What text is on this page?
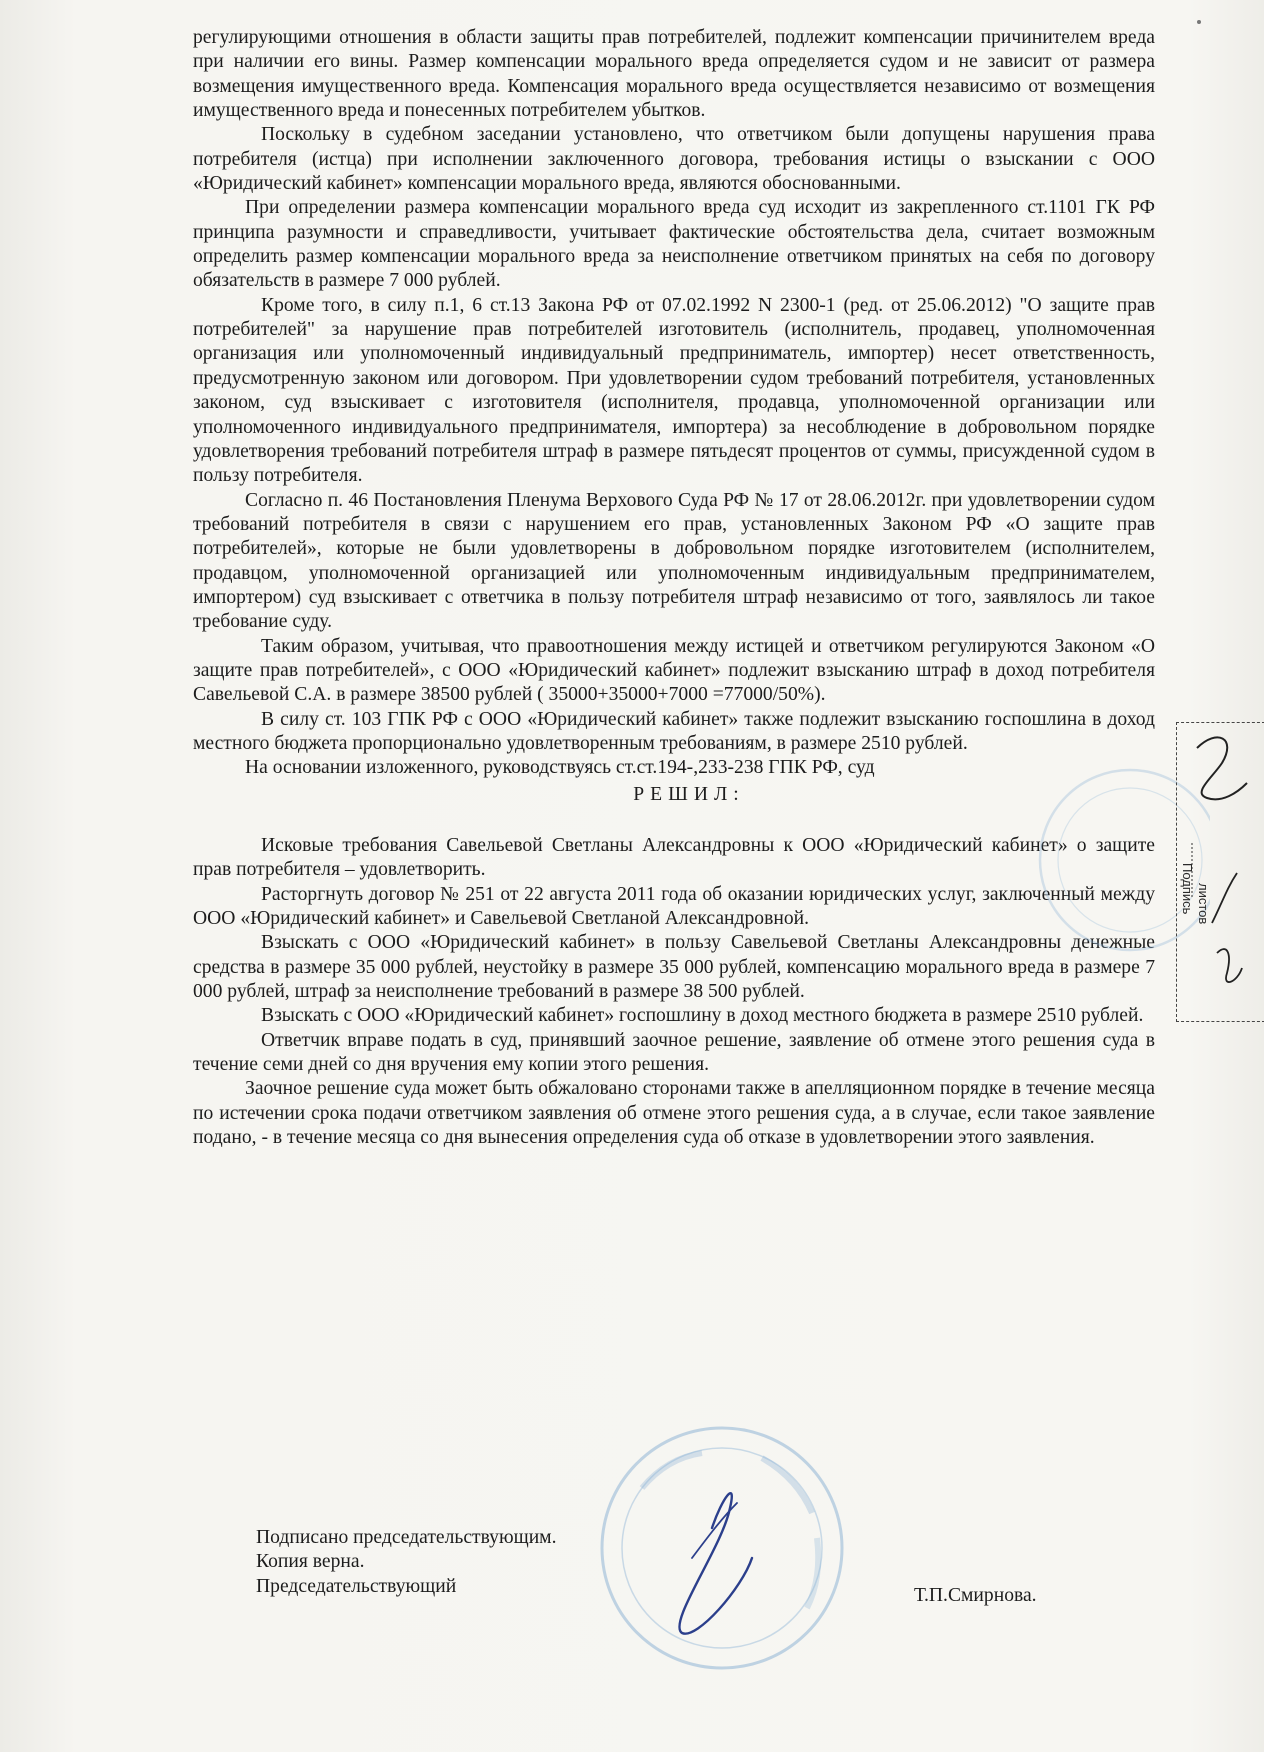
регулирующими отношения в области защиты прав потребителей, подлежит компенсации причинителем вреда при наличии его вины. Размер компенсации морального вреда определяется судом и не зависит от размера возмещения имущественного вреда. Компенсация морального вреда осуществляется независимо от возмещения имущественного вреда и понесенных потребителем убытков.

Поскольку в судебном заседании установлено, что ответчиком были допущены нарушения права потребителя (истца) при исполнении заключенного договора, требования истицы о взыскании с ООО «Юридический кабинет» компенсации морального вреда, являются обоснованными.

При определении размера компенсации морального вреда суд исходит из закрепленного ст.1101 ГК РФ принципа разумности и справедливости, учитывает фактические обстоятельства дела, считает возможным определить размер компенсации морального вреда за неисполнение ответчиком принятых на себя по договору обязательств в размере 7 000 рублей.

Кроме того, в силу п.1, 6 ст.13 Закона РФ от 07.02.1992 N 2300-1 (ред. от 25.06.2012) "О защите прав потребителей" за нарушение прав потребителей изготовитель (исполнитель, продавец, уполномоченная организация или уполномоченный индивидуальный предприниматель, импортер) несет ответственность, предусмотренную законом или договором. При удовлетворении судом требований потребителя, установленных законом, суд взыскивает с изготовителя (исполнителя, продавца, уполномоченной организации или уполномоченного индивидуального предпринимателя, импортера) за несоблюдение в добровольном порядке удовлетворения требований потребителя штраф в размере пятьдесят процентов от суммы, присужденной судом в пользу потребителя.

Согласно п. 46 Постановления Пленума Верхового Суда РФ № 17 от 28.06.2012г. при удовлетворении судом требований потребителя в связи с нарушением его прав, установленных Законом РФ «О защите прав потребителей», которые не были удовлетворены в добровольном порядке изготовителем (исполнителем, продавцом, уполномоченной организацией или уполномоченным индивидуальным предпринимателем, импортером) суд взыскивает с ответчика в пользу потребителя штраф независимо от того, заявлялось ли такое требование суду.

Таким образом, учитывая, что правоотношения между истицей и ответчиком регулируются Законом «О защите прав потребителей», с ООО «Юридический кабинет» подлежит взысканию штраф в доход потребителя Савельевой С.А. в размере 38500 рублей ( 35000+35000+7000 =77000/50%).

В силу ст. 103 ГПК РФ с ООО «Юридический кабинет» также подлежит взысканию госпошлина в доход местного бюджета пропорционально удовлетворенным требованиям, в размере 2510 рублей.

На основании изложенного, руководствуясь ст.ст.194-,233-238 ГПК РФ, суд

РЕШИЛ:

Исковые требования Савельевой Светланы Александровны к ООО «Юридический кабинет» о защите прав потребителя – удовлетворить.

Расторгнуть договор № 251 от 22 августа 2011 года об оказании юридических услуг, заключенный между ООО «Юридический кабинет» и Савельевой Светланой Александровной.

Взыскать с ООО «Юридический кабинет» в пользу Савельевой Светланы Александровны денежные средства в размере 35 000 рублей, неустойку в размере 35 000 рублей, компенсацию морального вреда в размере 7 000 рублей, штраф за неисполнение требований в размере 38 500 рублей.

Взыскать с ООО «Юридический кабинет» госпошлину в доход местного бюджета в размере 2510 рублей.

Ответчик вправе подать в суд, принявший заочное решение, заявление об отмене этого решения суда в течение семи дней со дня вручения ему копии этого решения.

Заочное решение суда может быть обжаловано сторонами также в апелляционном порядке в течение месяца по истечении срока подачи ответчиком заявления об отмене этого решения суда, а в случае, если такое заявление подано, - в течение месяца со дня вынесения определения суда об отказе в удовлетворении этого заявления.

листов
Подпись
Подписано председательствующим.
Копия верна.
Председательствующий	Т.П.Смирнова.
